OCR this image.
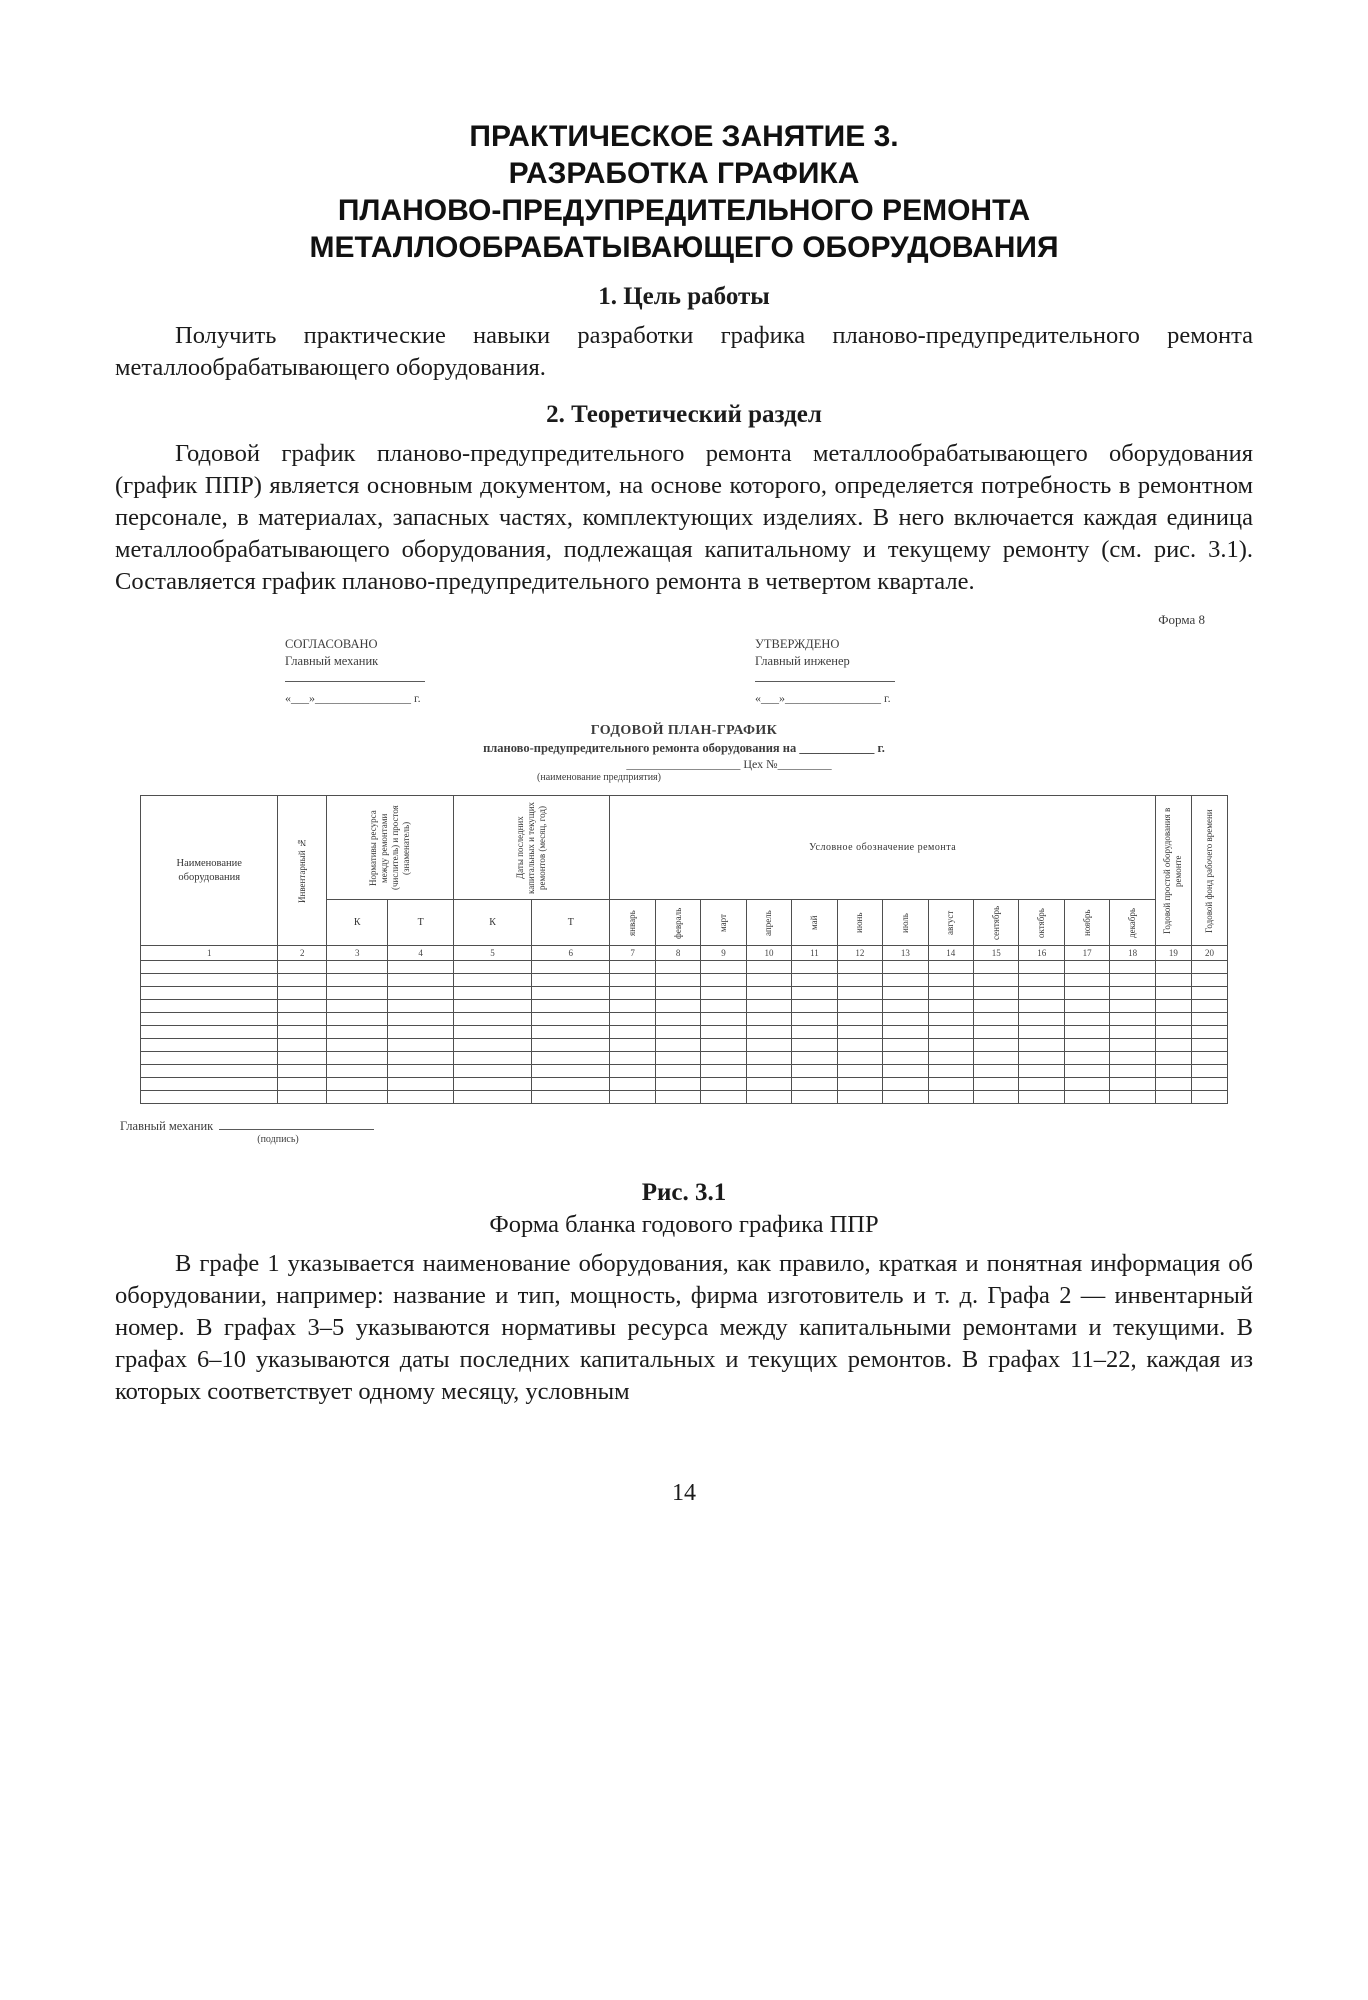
ПРАКТИЧЕСКОЕ ЗАНЯТИЕ 3.
РАЗРАБОТКА ГРАФИКА
ПЛАНОВО-ПРЕДУПРЕДИТЕЛЬНОГО РЕМОНТА
МЕТАЛЛООБРАБАТЫВАЮЩЕГО ОБОРУДОВАНИЯ
1. Цель работы
Получить практические навыки разработки графика планово-предупредительного ремонта металлообрабатывающего оборудования.
2. Теоретический раздел
Годовой график планово-предупредительного ремонта металлообрабатывающего оборудования (график ППР) является основным документом, на основе которого, определяется потребность в ремонтном персонале, в материалах, запасных частях, комплектующих изделиях. В него включается каждая единица металлообрабатывающего оборудования, подлежащая капитальному и текущему ремонту (см. рис. 3.1). Составляется график планово-предупредительного ремонта в четвертом квартале.
Форма 8
СОГЛАСОВАНО
Главный механик
«___»________________ г.
УТВЕРЖДЕНО
Главный инженер
«___»________________ г.
ГОДОВОЙ ПЛАН-ГРАФИК
планово-предупредительного ремонта оборудования на ____________ г.
___________________ Цех №_________
(наименование предприятия)
Наименование оборудования	Инвентарный №	Нормативы ресурса между ремонтами (числитель) и простоя (знаменатель)		Даты последних капитальных и текущих ремонтов (месяц, год)		Условное обозначение ремонта												Годовой простой оборудования в ремонте	Годовой фонд рабочего времени
		К	Т	К	Т	январь	февраль	март	апрель	май	июнь	июль	август	сентябрь	октябрь	ноябрь	декабрь		
1	2	3	4	5	6	7	8	9	10	11	12	13	14	15	16	17	18	19	20

Главный механик
(подпись)
Рис. 3.1
Форма бланка годового графика ППР
В графе 1 указывается наименование оборудования, как правило, краткая и понятная информация об оборудовании, например: название и тип, мощность, фирма изготовитель и т. д. Графа 2 — инвентарный номер. В графах 3–5 указываются нормативы ресурса между капитальными ремонтами и текущими. В графах 6–10 указываются даты последних капитальных и текущих ремонтов. В графах 11–22, каждая из которых соответствует одному месяцу, условным
14
